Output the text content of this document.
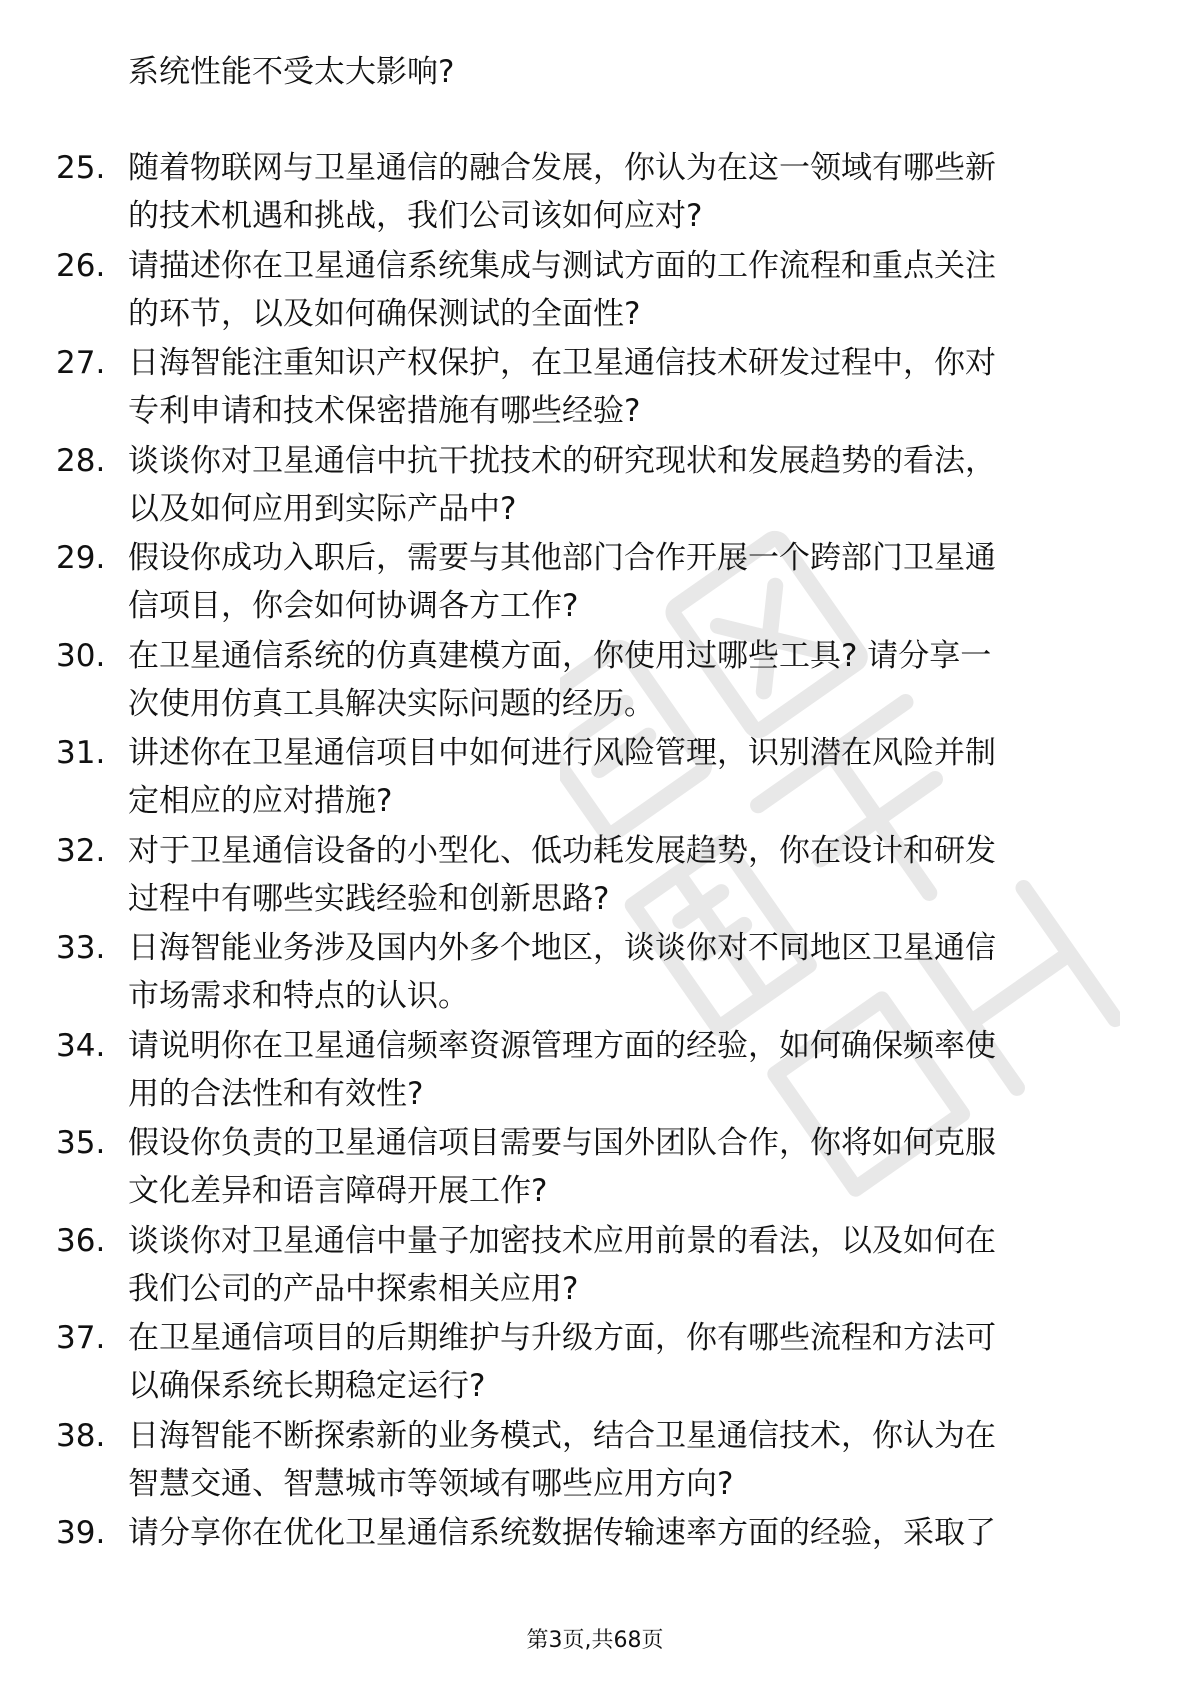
系统性能不受太大影响?
25. 随着物联网与卫星通信的融合发展，你认为在这一领域有哪些新
的技术机遇和挑战，我们公司该如何应对?
26. 请描述你在卫星通信系统集成与测试方面的工作流程和重点关注
的环节，以及如何确保测试的全面性?
27. 日海智能注重知识产权保护，在卫星通信技术研发过程中，你对
专利申请和技术保密措施有哪些经验?
28. 谈谈你对卫星通信中抗干扰技术的研究现状和发展趋势的看法，
以及如何应用到实际产品中?
29. 假设你成功入职后，需要与其他部门合作开展一个跨部门卫星通
信项目，你会如何协调各方工作?
30. 在卫星通信系统的仿真建模方面，你使用过哪些工具? 请分享一
次使用仿真工具解决实际问题的经历。
31. 讲述你在卫星通信项目中如何进行风险管理，识别潜在风险并制
定相应的应对措施?
32. 对于卫星通信设备的小型化、低功耗发展趋势，你在设计和研发
过程中有哪些实践经验和创新思路?
33. 日海智能业务涉及国内外多个地区，谈谈你对不同地区卫星通信
市场需求和特点的认识。
34. 请说明你在卫星通信频率资源管理方面的经验，如何确保频率使
用的合法性和有效性?
35. 假设你负责的卫星通信项目需要与国外团队合作，你将如何克服
文化差异和语言障碍开展工作?
36. 谈谈你对卫星通信中量子加密技术应用前景的看法，以及如何在
我们公司的产品中探索相关应用?
37. 在卫星通信项目的后期维护与升级方面，你有哪些流程和方法可
以确保系统长期稳定运行?
38. 日海智能不断探索新的业务模式，结合卫星通信技术，你认为在
智慧交通、智慧城市等领域有哪些应用方向?
39. 请分享你在优化卫星通信系统数据传输速率方面的经验，采取了
第3页,共68页
